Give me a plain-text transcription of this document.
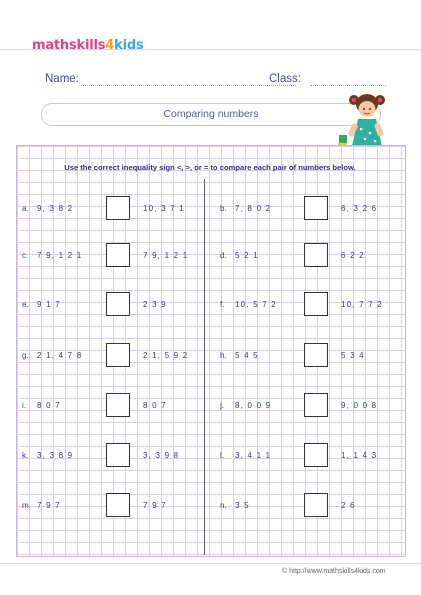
mathskills4kids
Name:	Class:
Comparing numbers
Use the correct inequality sign <, >, or = to compare each pair of numbers below.
a. 9, 3 8 2	10, 3 7 1	b. 7, 8 0 2	6, 3 2 6
c. 7 9, 1 2 1	7 9, 1 2 1	d. 5 2 1	6 2 2
e. 9 1 7	2 3 9	f. 10, 5 7 2	10, 7 7 2
g. 2 1, 4 7 8	2 1, 5 9 2	h. 5 4 5	5 3 4
i. 8 0 7	8 0 7	j. 8, 0 0 9	9, 0 0 8
k. 3, 3 8 9	3, 3 9 8	l. 3, 4 1 1	1, 1 4 3
m. 7 9 7	7 9 7	n. 3 5	2 6
© http://www.mathskills4kids.com
